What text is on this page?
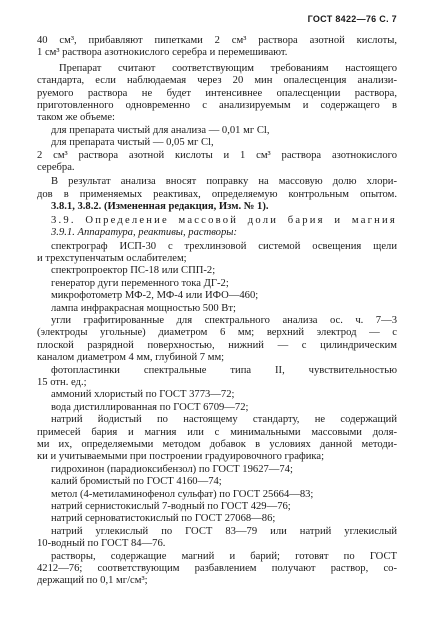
ГОСТ 8422—76 С. 7
40 см³, прибавляют пипетками 2 см³ раствора азотной кислоты,
1 см³ раствора азотнокислого серебра и перемешивают.
Препарат считают соответствующим требованиям настоящего
стандарта, если наблюдаемая через 20 мин опалесценция анализи-
руемого раствора не будет интенсивнее опалесценции раствора,
приготовленного одновременно с анализируемым и содержащего в
таком же объеме:
для препарата чистый для анализа — 0,01 мг Cl,
для препарата чистый — 0,05 мг Cl,
2 см³ раствора азотной кислоты и 1 см³ раствора азотнокислого
серебра.
В результат анализа вносят поправку на массовую долю хлори-
дов в применяемых реактивах, определяемую контрольным опытом.
3.8.1, 3.8.2. (Измененная редакция, Изм. № 1).
3.9. Определение массовой доли бария и магния
3.9.1. Аппаратура, реактивы, растворы:
спектрограф ИСП-30 с трехлинзовой системой освещения щели
и трехступенчатым ослабителем;
спектропроектор ПС-18 или СПП-2;
генератор дуги переменного тока ДГ-2;
микрофотометр МФ-2, МФ-4 или ИФО—460;
лампа инфракрасная мощностью 500 Вт;
угли графитированные для спектрального анализа ос. ч. 7—3
(электроды угольные) диаметром 6 мм; верхний электрод — с
плоской разрядной поверхностью, нижний — с цилиндрическим
каналом диаметром 4 мм, глубиной 7 мм;
фотопластинки спектральные типа II, чувствительностью
15 отн. ед.;
аммоний хлористый по ГОСТ 3773—72;
вода дистиллированная по ГОСТ 6709—72;
натрий йодистый по настоящему стандарту, не содержащий
примесей бария и магния или с минимальными массовыми доля-
ми их, определяемыми методом добавок в условиях данной методи-
ки и учитываемыми при построении градуировочного графика;
гидрохинон (парадиоксибензол) по ГОСТ 19627—74;
калий бромистый по ГОСТ 4160—74;
метол (4-метиламинофенол сульфат) по ГОСТ 25664—83;
натрий сернистокислый 7-водный по ГОСТ 429—76;
натрий серноватистокислый по ГОСТ 27068—86;
натрий углекислый по ГОСТ 83—79 или натрий углекислый
10-водный по ГОСТ 84—76.
растворы, содержащие магний и барий; готовят по ГОСТ
4212—76; соответствующим разбавлением получают раствор, со-
держащий по 0,1 мг/см³;
